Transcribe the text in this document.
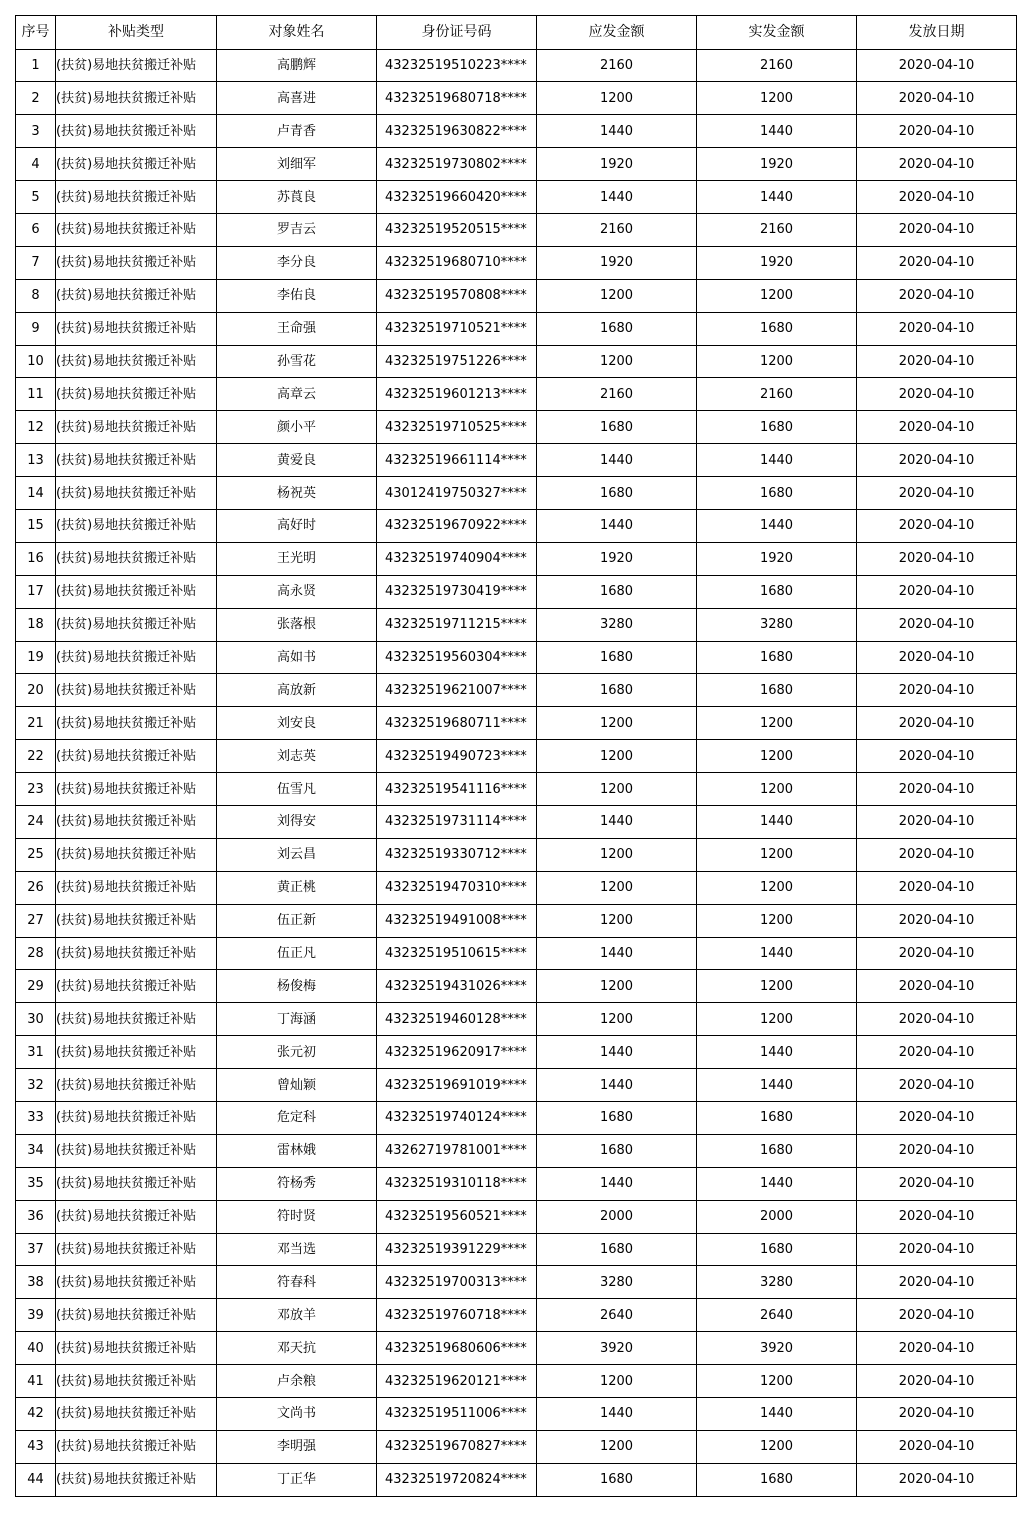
序号	补贴类型	对象姓名	身份证号码	应发金额	实发金额	发放日期
1	(扶贫)易地扶贫搬迁补贴	高鹏辉	43232519510223****	2160	2160	2020-04-10
2	(扶贫)易地扶贫搬迁补贴	高喜进	43232519680718****	1200	1200	2020-04-10
3	(扶贫)易地扶贫搬迁补贴	卢青香	43232519630822****	1440	1440	2020-04-10
4	(扶贫)易地扶贫搬迁补贴	刘细军	43232519730802****	1920	1920	2020-04-10
5	(扶贫)易地扶贫搬迁补贴	苏莨良	43232519660420****	1440	1440	2020-04-10
6	(扶贫)易地扶贫搬迁补贴	罗吉云	43232519520515****	2160	2160	2020-04-10
7	(扶贫)易地扶贫搬迁补贴	李分良	43232519680710****	1920	1920	2020-04-10
8	(扶贫)易地扶贫搬迁补贴	李佑良	43232519570808****	1200	1200	2020-04-10
9	(扶贫)易地扶贫搬迁补贴	王命强	43232519710521****	1680	1680	2020-04-10
10	(扶贫)易地扶贫搬迁补贴	孙雪花	43232519751226****	1200	1200	2020-04-10
11	(扶贫)易地扶贫搬迁补贴	高章云	43232519601213****	2160	2160	2020-04-10
12	(扶贫)易地扶贫搬迁补贴	颜小平	43232519710525****	1680	1680	2020-04-10
13	(扶贫)易地扶贫搬迁补贴	黄爱良	43232519661114****	1440	1440	2020-04-10
14	(扶贫)易地扶贫搬迁补贴	杨祝英	43012419750327****	1680	1680	2020-04-10
15	(扶贫)易地扶贫搬迁补贴	高好时	43232519670922****	1440	1440	2020-04-10
16	(扶贫)易地扶贫搬迁补贴	王光明	43232519740904****	1920	1920	2020-04-10
17	(扶贫)易地扶贫搬迁补贴	高永贤	43232519730419****	1680	1680	2020-04-10
18	(扶贫)易地扶贫搬迁补贴	张落根	43232519711215****	3280	3280	2020-04-10
19	(扶贫)易地扶贫搬迁补贴	高如书	43232519560304****	1680	1680	2020-04-10
20	(扶贫)易地扶贫搬迁补贴	高放新	43232519621007****	1680	1680	2020-04-10
21	(扶贫)易地扶贫搬迁补贴	刘安良	43232519680711****	1200	1200	2020-04-10
22	(扶贫)易地扶贫搬迁补贴	刘志英	43232519490723****	1200	1200	2020-04-10
23	(扶贫)易地扶贫搬迁补贴	伍雪凡	43232519541116****	1200	1200	2020-04-10
24	(扶贫)易地扶贫搬迁补贴	刘得安	43232519731114****	1440	1440	2020-04-10
25	(扶贫)易地扶贫搬迁补贴	刘云昌	43232519330712****	1200	1200	2020-04-10
26	(扶贫)易地扶贫搬迁补贴	黄正桃	43232519470310****	1200	1200	2020-04-10
27	(扶贫)易地扶贫搬迁补贴	伍正新	43232519491008****	1200	1200	2020-04-10
28	(扶贫)易地扶贫搬迁补贴	伍正凡	43232519510615****	1440	1440	2020-04-10
29	(扶贫)易地扶贫搬迁补贴	杨俊梅	43232519431026****	1200	1200	2020-04-10
30	(扶贫)易地扶贫搬迁补贴	丁海涵	43232519460128****	1200	1200	2020-04-10
31	(扶贫)易地扶贫搬迁补贴	张元初	43232519620917****	1440	1440	2020-04-10
32	(扶贫)易地扶贫搬迁补贴	曾灿颖	43232519691019****	1440	1440	2020-04-10
33	(扶贫)易地扶贫搬迁补贴	危定科	43232519740124****	1680	1680	2020-04-10
34	(扶贫)易地扶贫搬迁补贴	雷林娥	43262719781001****	1680	1680	2020-04-10
35	(扶贫)易地扶贫搬迁补贴	符杨秀	43232519310118****	1440	1440	2020-04-10
36	(扶贫)易地扶贫搬迁补贴	符时贤	43232519560521****	2000	2000	2020-04-10
37	(扶贫)易地扶贫搬迁补贴	邓当选	43232519391229****	1680	1680	2020-04-10
38	(扶贫)易地扶贫搬迁补贴	符春科	43232519700313****	3280	3280	2020-04-10
39	(扶贫)易地扶贫搬迁补贴	邓放羊	43232519760718****	2640	2640	2020-04-10
40	(扶贫)易地扶贫搬迁补贴	邓天抗	43232519680606****	3920	3920	2020-04-10
41	(扶贫)易地扶贫搬迁补贴	卢余粮	43232519620121****	1200	1200	2020-04-10
42	(扶贫)易地扶贫搬迁补贴	文尚书	43232519511006****	1440	1440	2020-04-10
43	(扶贫)易地扶贫搬迁补贴	李明强	43232519670827****	1200	1200	2020-04-10
44	(扶贫)易地扶贫搬迁补贴	丁正华	43232519720824****	1680	1680	2020-04-10
